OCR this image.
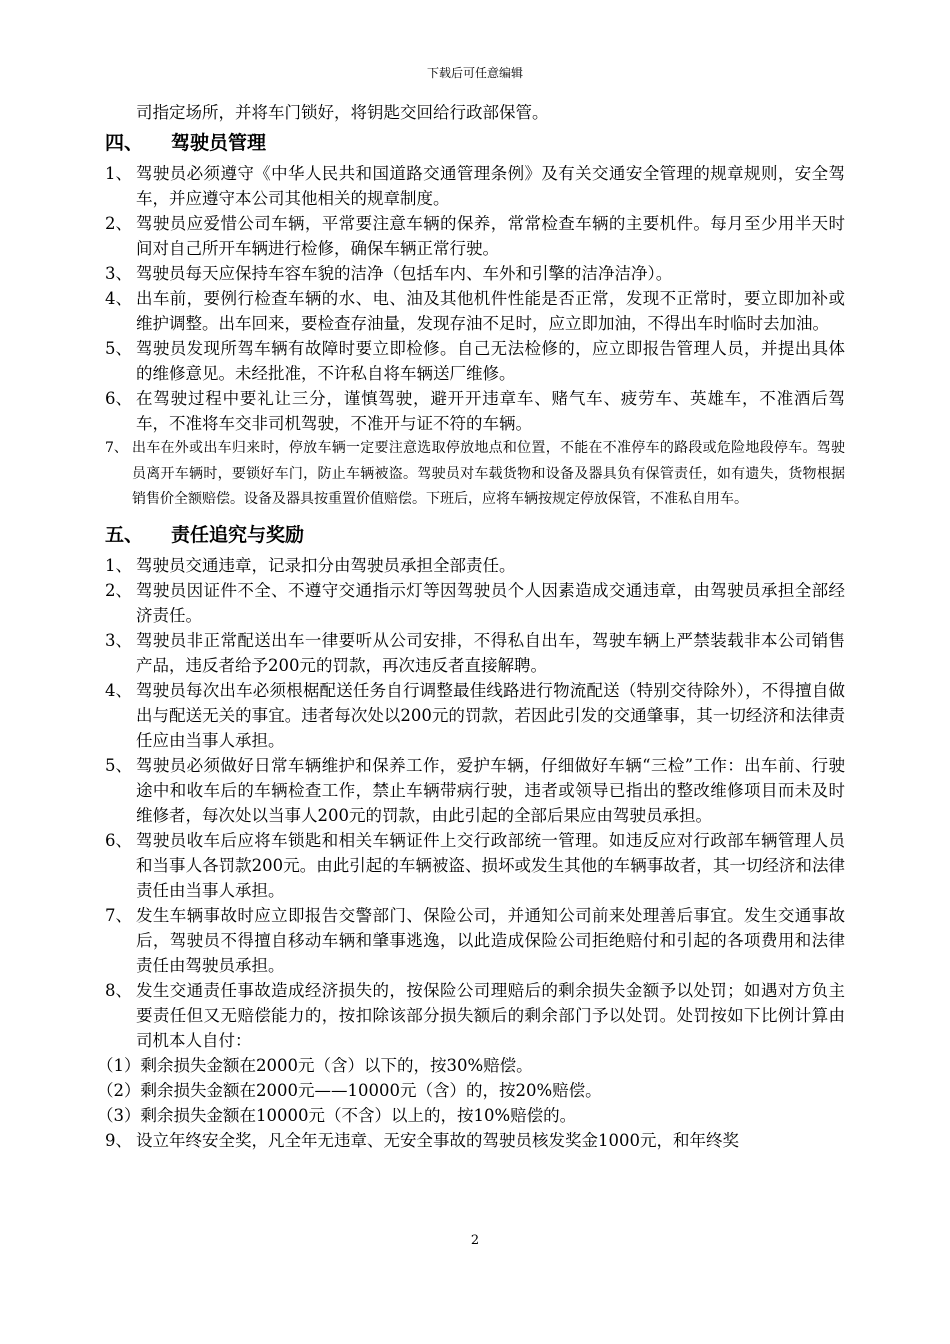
下载后可任意编辑

司指定场所，并将车门锁好，将钥匙交回给行政部保管。

四、 驾驶员管理
1、 驾驶员必须遵守《中华人民共和国道路交通管理条例》及有关交通安全管理的规章规则，安全驾车，并应遵守本公司其他相关的规章制度。
2、 驾驶员应爱惜公司车辆，平常要注意车辆的保养，常常检查车辆的主要机件。每月至少用半天时间对自己所开车辆进行检修，确保车辆正常行驶。
3、 驾驶员每天应保持车容车貌的洁净（包括车内、车外和引擎的洁净洁净）。
4、 出车前，要例行检查车辆的水、电、油及其他机件性能是否正常，发现不正常时，要立即加补或维护调整。出车回来，要检查存油量，发现存油不足时，应立即加油，不得出车时临时去加油。
5、 驾驶员发现所驾车辆有故障时要立即检修。自己无法检修的，应立即报告管理人员，并提出具体的维修意见。未经批准，不许私自将车辆送厂维修。
6、 在驾驶过程中要礼让三分，谨慎驾驶，避开开违章车、赌气车、疲劳车、英雄车，不准酒后驾车，不准将车交非司机驾驶，不准开与证不符的车辆。
7、 出车在外或出车归来时，停放车辆一定要注意选取停放地点和位置，不能在不准停车的路段或危险地段停车。驾驶员离开车辆时，要锁好车门，防止车辆被盗。驾驶员对车载货物和设备及器具负有保管责任，如有遗失，货物根据销售价全额赔偿。设备及器具按重置价值赔偿。下班后，应将车辆按规定停放保管，不准私自用车。
五、 责任追究与奖励
1、 驾驶员交通违章，记录扣分由驾驶员承担全部责任。
2、 驾驶员因证件不全、不遵守交通指示灯等因驾驶员个人因素造成交通违章，由驾驶员承担全部经济责任。
3、 驾驶员非正常配送出车一律要听从公司安排，不得私自出车，驾驶车辆上严禁装载非本公司销售产品，违反者给予200元的罚款，再次违反者直接解聘。
4、 驾驶员每次出车必须根椐配送任务自行调整最佳线路进行物流配送（特别交待除外），不得擅自做出与配送无关的事宜。违者每次处以200元的罚款，若因此引发的交通肇事，其一切经济和法律责任应由当事人承担。
5、 驾驶员必须做好日常车辆维护和保养工作，爱护车辆，仔细做好车辆“三检”工作：出车前、行驶途中和收车后的车辆检查工作，禁止车辆带病行驶，违者或领导已指出的整改维修项目而未及时维修者，每次处以当事人200元的罚款，由此引起的全部后果应由驾驶员承担。
6、 驾驶员收车后应将车锁匙和相关车辆证件上交行政部统一管理。如违反应对行政部车辆管理人员和当事人各罚款200元。由此引起的车辆被盗、损坏或发生其他的车辆事故者，其一切经济和法律责任由当事人承担。
7、 发生车辆事故时应立即报告交警部门、保险公司，并通知公司前来处理善后事宜。发生交通事故后，驾驶员不得擅自移动车辆和肇事逃逸，以此造成保险公司拒绝赔付和引起的各项费用和法律责任由驾驶员承担。
8、 发生交通责任事故造成经济损失的，按保险公司理赔后的剩余损失金额予以处罚；如遇对方负主要责任但又无赔偿能力的，按扣除该部分损失额后的剩余部门予以处罚。处罚按如下比例计算由司机本人自付：

（1）剩余损失金额在2000元（含）以下的，按30%赔偿。

（2）剩余损失金额在2000元——10000元（含）的，按20%赔偿。

（3）剩余损失金额在10000元（不含）以上的，按10%赔偿的。

9、 设立年终安全奖，凡全年无违章、无安全事故的驾驶员核发奖金1000元，和年终奖
2
